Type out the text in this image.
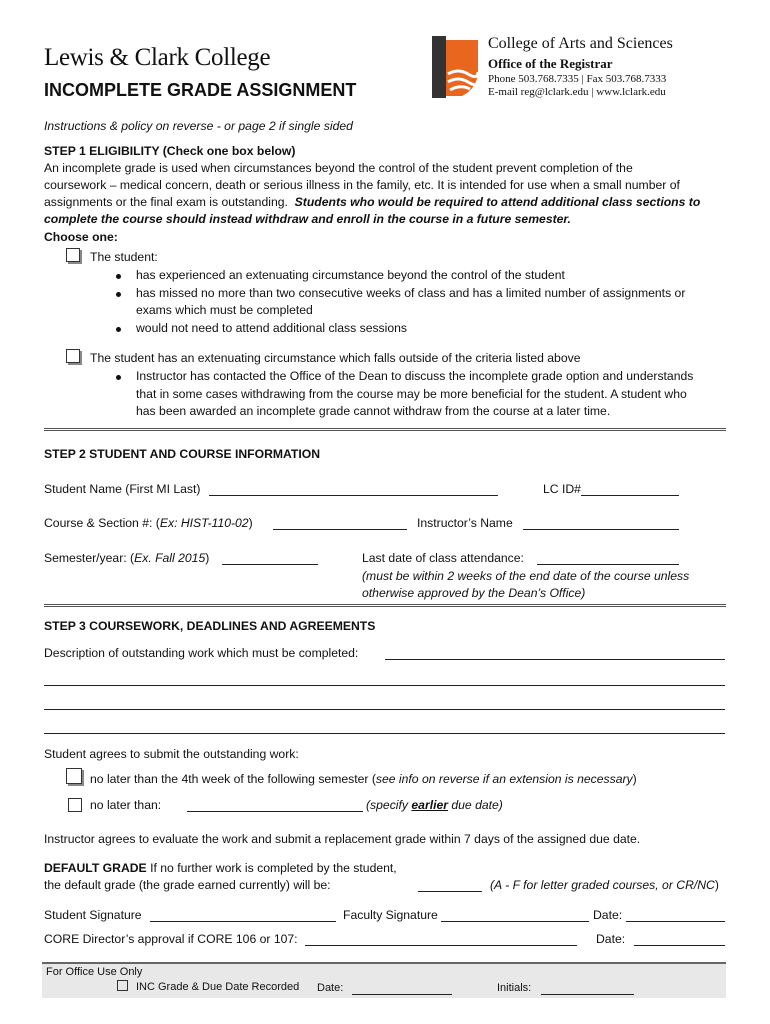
Lewis & Clark College
INCOMPLETE GRADE ASSIGNMENT
College of Arts and Sciences
Office of the Registrar
Phone 503.768.7335 | Fax 503.768.7333
E-mail reg@lclark.edu | www.lclark.edu
Instructions & policy on reverse - or page 2 if single sided
STEP 1 ELIGIBILITY (Check one box below)
An incomplete grade is used when circumstances beyond the control of the student prevent completion of the
coursework – medical concern, death or serious illness in the family, etc. It is intended for use when a small number of
assignments or the final exam is outstanding.  Students who would be required to attend additional class sections to
complete the course should instead withdraw and enroll in the course in a future semester.
Choose one:
The student:
has experienced an extenuating circumstance beyond the control of the student
has missed no more than two consecutive weeks of class and has a limited number of assignments or
exams which must be completed
would not need to attend additional class sessions
The student has an extenuating circumstance which falls outside of the criteria listed above
Instructor has contacted the Office of the Dean to discuss the incomplete grade option and understands
that in some cases withdrawing from the course may be more beneficial for the student. A student who
has been awarded an incomplete grade cannot withdraw from the course at a later time.
STEP 2 STUDENT AND COURSE INFORMATION
Student Name (First MI Last)	LC ID#
Course & Section #: (Ex: HIST-110-02)	Instructor’s Name
Semester/year: (Ex. Fall 2015)	Last date of class attendance:
(must be within 2 weeks of the end date of the course unless
otherwise approved by the Dean’s Office)
STEP 3 COURSEWORK, DEADLINES AND AGREEMENTS
Description of outstanding work which must be completed:
Student agrees to submit the outstanding work:
no later than the 4th week of the following semester (see info on reverse if an extension is necessary)
no later than:	(specify earlier due date)
Instructor agrees to evaluate the work and submit a replacement grade within 7 days of the assigned due date.
DEFAULT GRADE If no further work is completed by the student,
the default grade (the grade earned currently) will be:	(A - F for letter graded courses, or CR/NC)
Student Signature	Faculty Signature	Date:
CORE Director’s approval if CORE 106 or 107:	Date:
For Office Use Only
INC Grade & Due Date Recorded Date:	Initials:
